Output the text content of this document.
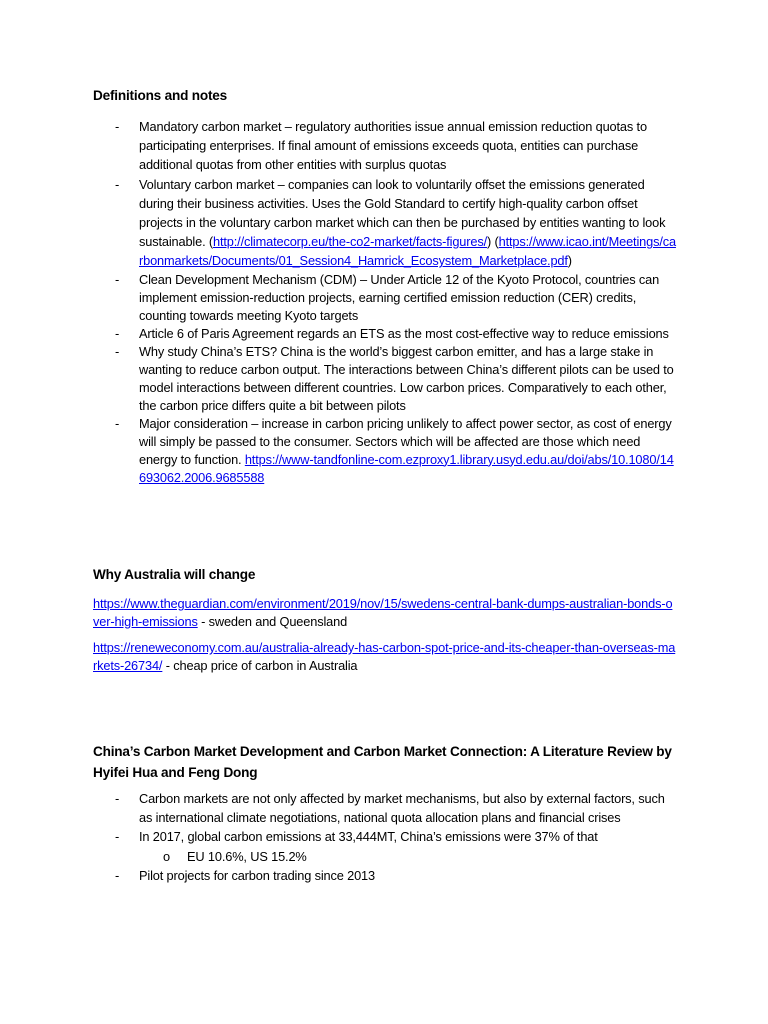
Definitions and notes
- Mandatory carbon market – regulatory authorities issue annual emission reduction quotas to participating enterprises. If final amount of emissions exceeds quota, entities can purchase additional quotas from other entities with surplus quotas
- Voluntary carbon market – companies can look to voluntarily offset the emissions generated during their business activities. Uses the Gold Standard to certify high-quality carbon offset projects in the voluntary carbon market which can then be purchased by entities wanting to look sustainable. (http://climatecorp.eu/the-co2-market/facts-figures/) (https://www.icao.int/Meetings/carbonmarkets/Documents/01_Session4_Hamrick_Ecosystem_Marketplace.pdf)
- Clean Development Mechanism (CDM) – Under Article 12 of the Kyoto Protocol, countries can implement emission-reduction projects, earning certified emission reduction (CER) credits, counting towards meeting Kyoto targets
- Article 6 of Paris Agreement regards an ETS as the most cost-effective way to reduce emissions
- Why study China’s ETS? China is the world’s biggest carbon emitter, and has a large stake in wanting to reduce carbon output. The interactions between China’s different pilots can be used to model interactions between different countries. Low carbon prices. Comparatively to each other, the carbon price differs quite a bit between pilots
- Major consideration – increase in carbon pricing unlikely to affect power sector, as cost of energy will simply be passed to the consumer. Sectors which will be affected are those which need energy to function. https://www-tandfonline-com.ezproxy1.library.usyd.edu.au/doi/abs/10.1080/14693062.2006.9685588
Why Australia will change
https://www.theguardian.com/environment/2019/nov/15/swedens-central-bank-dumps-australian-bonds-over-high-emissions - sweden and Queensland
https://reneweconomy.com.au/australia-already-has-carbon-spot-price-and-its-cheaper-than-overseas-markets-26734/ - cheap price of carbon in Australia
China’s Carbon Market Development and Carbon Market Connection: A Literature Review by Hyifei Hua and Feng Dong
- Carbon markets are not only affected by market mechanisms, but also by external factors, such as international climate negotiations, national quota allocation plans and financial crises
- In 2017, global carbon emissions at 33,444MT, China’s emissions were 37% of that
o EU 10.6%, US 15.2%
- Pilot projects for carbon trading since 2013
